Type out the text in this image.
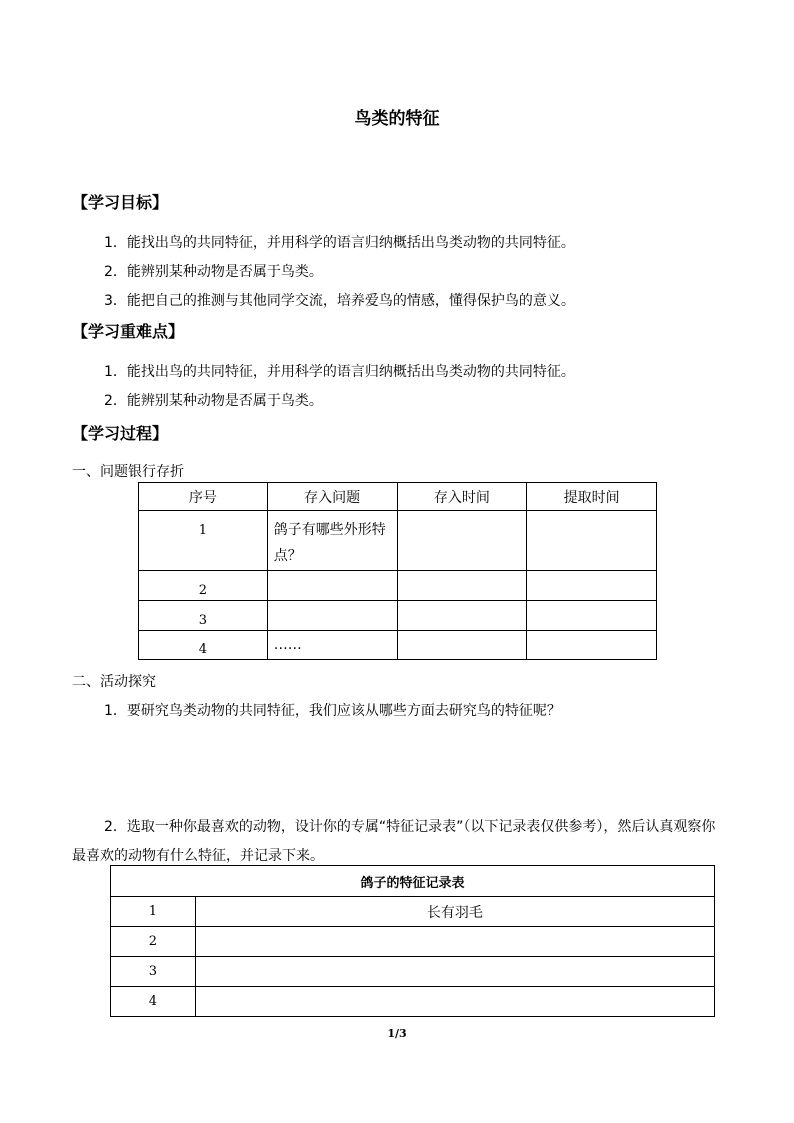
鸟类的特征
【学习目标】
1．能找出鸟的共同特征，并用科学的语言归纳概括出鸟类动物的共同特征。
2．能辨别某种动物是否属于鸟类。
3．能把自己的推测与其他同学交流，培养爱鸟的情感，懂得保护鸟的意义。
【学习重难点】
1．能找出鸟的共同特征，并用科学的语言归纳概括出鸟类动物的共同特征。
2．能辨别某种动物是否属于鸟类。
【学习过程】
一、问题银行存折
序号	存入问题	存入时间	提取时间
1	鸽子有哪些外形特点？		
2			
3			
4	……		
二、活动探究
1．要研究鸟类动物的共同特征，我们应该从哪些方面去研究鸟的特征呢？
2．选取一种你最喜欢的动物，设计你的专属“特征记录表”（以下记录表仅供参考），然后认真观察你最喜欢的动物有什么特征，并记录下来。
鸽子的特征记录表	
1	长有羽毛
2	
3	
4	
1/3
